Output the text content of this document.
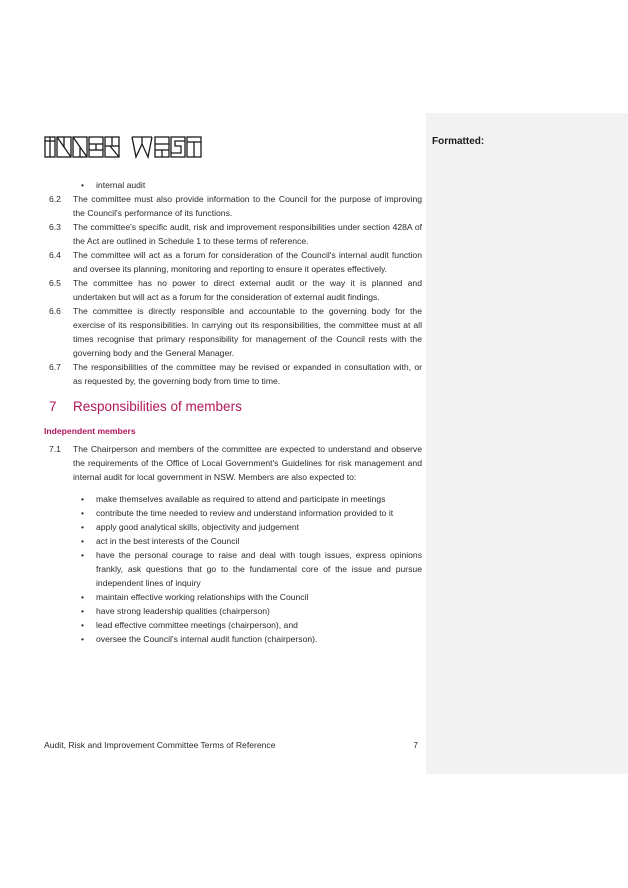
Formatted:
•	internal audit
6.2 The committee must also provide information to the Council for the purpose of improving the Council's performance of its functions.
6.3 The committee's specific audit, risk and improvement responsibilities under section 428A of the Act are outlined in Schedule 1 to these terms of reference.
6.4 The committee will act as a forum for consideration of the Council's internal audit function and oversee its planning, monitoring and reporting to ensure it operates effectively.
6.5 The committee has no power to direct external audit or the way it is planned and undertaken but will act as a forum for the consideration of external audit findings.
6.6 The committee is directly responsible and accountable to the governing body for the exercise of its responsibilities. In carrying out its responsibilities, the committee must at all times recognise that primary responsibility for management of the Council rests with the governing body and the General Manager.
6.7 The responsibilities of the committee may be revised or expanded in consultation with, or as requested by, the governing body from time to time.
7 Responsibilities of members
Independent members
7.1 The Chairperson and members of the committee are expected to understand and observe the requirements of the Office of Local Government's Guidelines for risk management and internal audit for local government in NSW. Members are also expected to:
•	make themselves available as required to attend and participate in meetings
•	contribute the time needed to review and understand information provided to it
•	apply good analytical skills, objectivity and judgement
•	act in the best interests of the Council
•	have the personal courage to raise and deal with tough issues, express opinions frankly, ask questions that go to the fundamental core of the issue and pursue independent lines of inquiry
•	maintain effective working relationships with the Council
•	have strong leadership qualities (chairperson)
•	lead effective committee meetings (chairperson), and
•	oversee the Council's internal audit function (chairperson).
Audit, Risk and Improvement Committee Terms of Reference	7
